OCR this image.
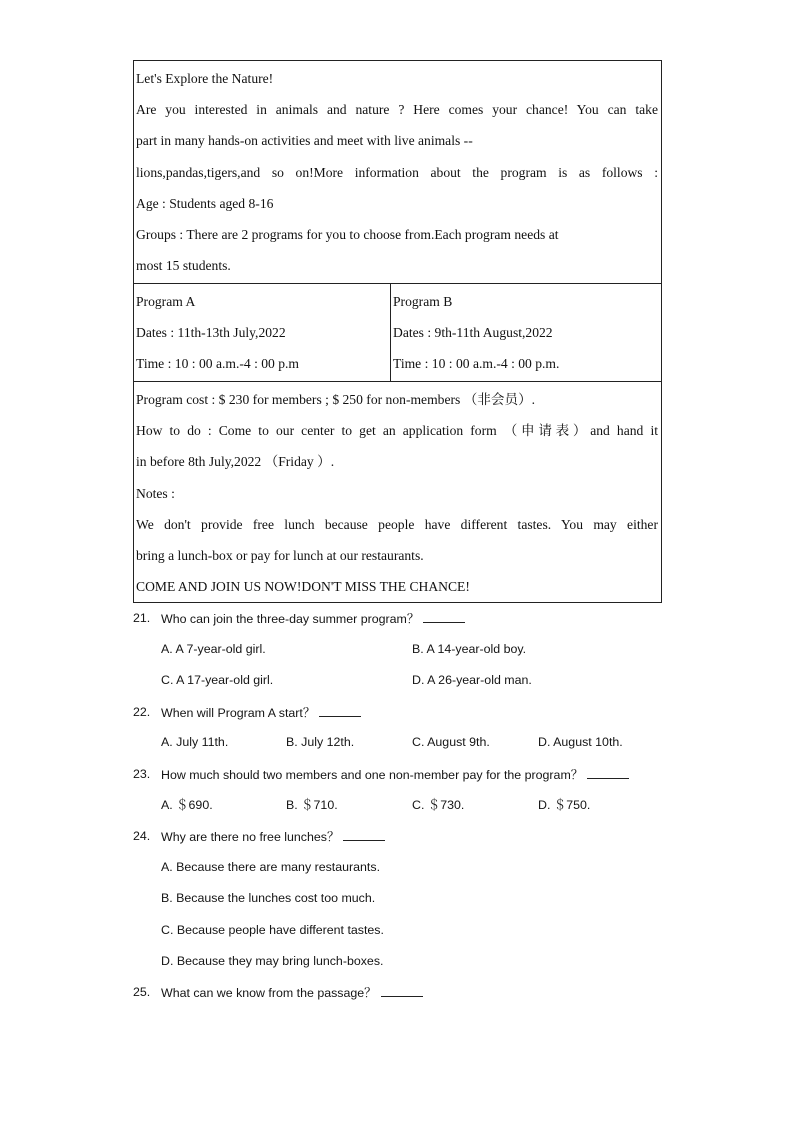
Let's Explore the Nature!
Are you interested in animals and nature ? Here comes your chance! You can take
part in many hands-on activities and meet with live animals --
lions,pandas,tigers,and so on!More information about the program is as follows :
Age : Students aged 8-16
Groups : There are 2 programs for you to choose from.Each program needs at
most 15 students.

Program A
Dates : 11th-13th July,2022
Time : 10 : 00 a.m.-4 : 00 p.m

Program B
Dates : 9th-11th August,2022
Time : 10 : 00 a.m.-4 : 00 p.m.

Program cost : $ 230 for members ; $ 250 for non-members （非会员）.
How to do : Come to our center to get an application form （申请表）and hand it
in before 8th July,2022 （Friday ）.
Notes :
We don't provide free lunch because people have different tastes. You may either
bring a lunch-box or pay for lunch at our restaurants.
COME AND JOIN US NOW!DON'T MISS THE CHANCE!
21. Who can join the three-day summer program？
A. A 7-year-old girl.	B. A 14-year-old boy.
C. A 17-year-old girl.	D. A 26-year-old man.
22. When will Program A start？
A. July 11th.	B. July 12th.	C. August 9th.	D. August 10th.
23. How much should two members and one non-member pay for the program？
A. ＄690.	B. ＄710.	C. ＄730.	D. ＄750.
24. Why are there no free lunches？
A. Because there are many restaurants.
B. Because the lunches cost too much.
C. Because people have different tastes.
D. Because they may bring lunch-boxes.
25. What can we know from the passage？
